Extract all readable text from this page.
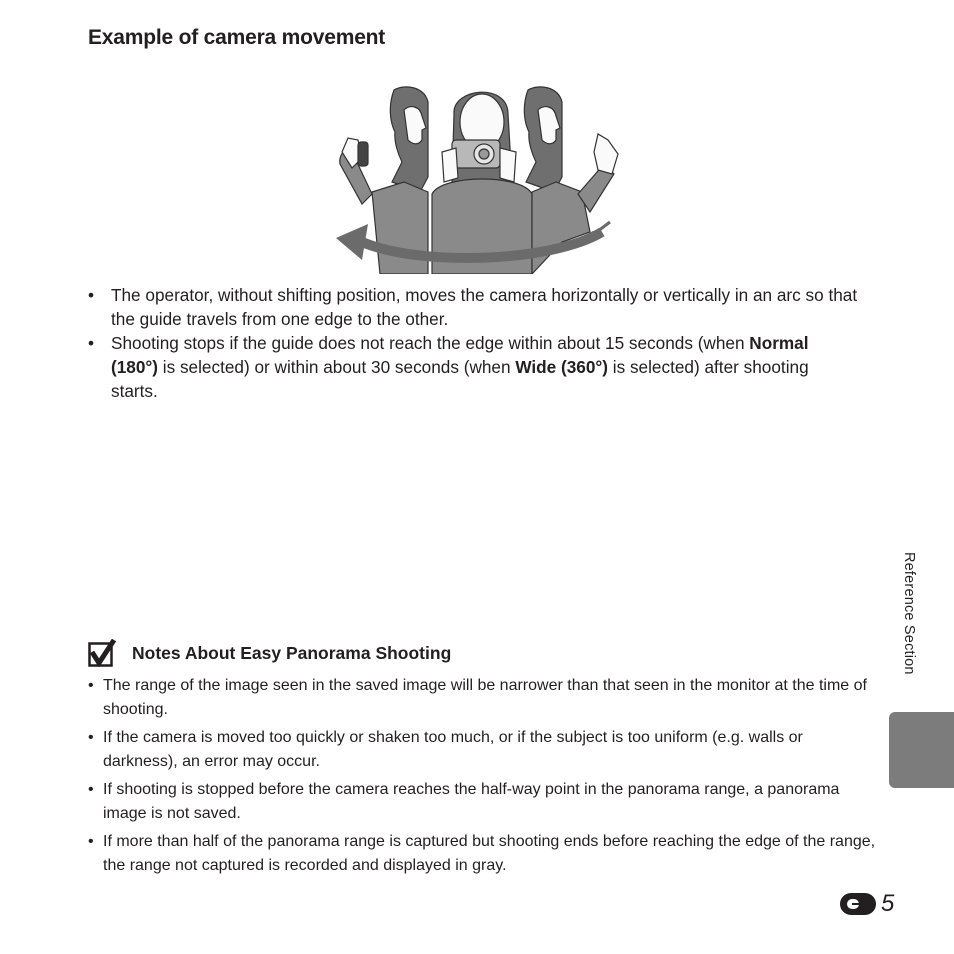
Example of camera movement
• The operator, without shifting position, moves the camera horizontally or vertically in an arc so that the guide travels from one edge to the other.
• Shooting stops if the guide does not reach the edge within about 15 seconds (when Normal (180°) is selected) or within about 30 seconds (when Wide (360°) is selected) after shooting starts.
Notes About Easy Panorama Shooting
• The range of the image seen in the saved image will be narrower than that seen in the monitor at the time of shooting.
• If the camera is moved too quickly or shaken too much, or if the subject is too uniform (e.g. walls or darkness), an error may occur.
• If shooting is stopped before the camera reaches the half-way point in the panorama range, a panorama image is not saved.
• If more than half of the panorama range is captured but shooting ends before reaching the edge of the range, the range not captured is recorded and displayed in gray.
Reference Section
5
